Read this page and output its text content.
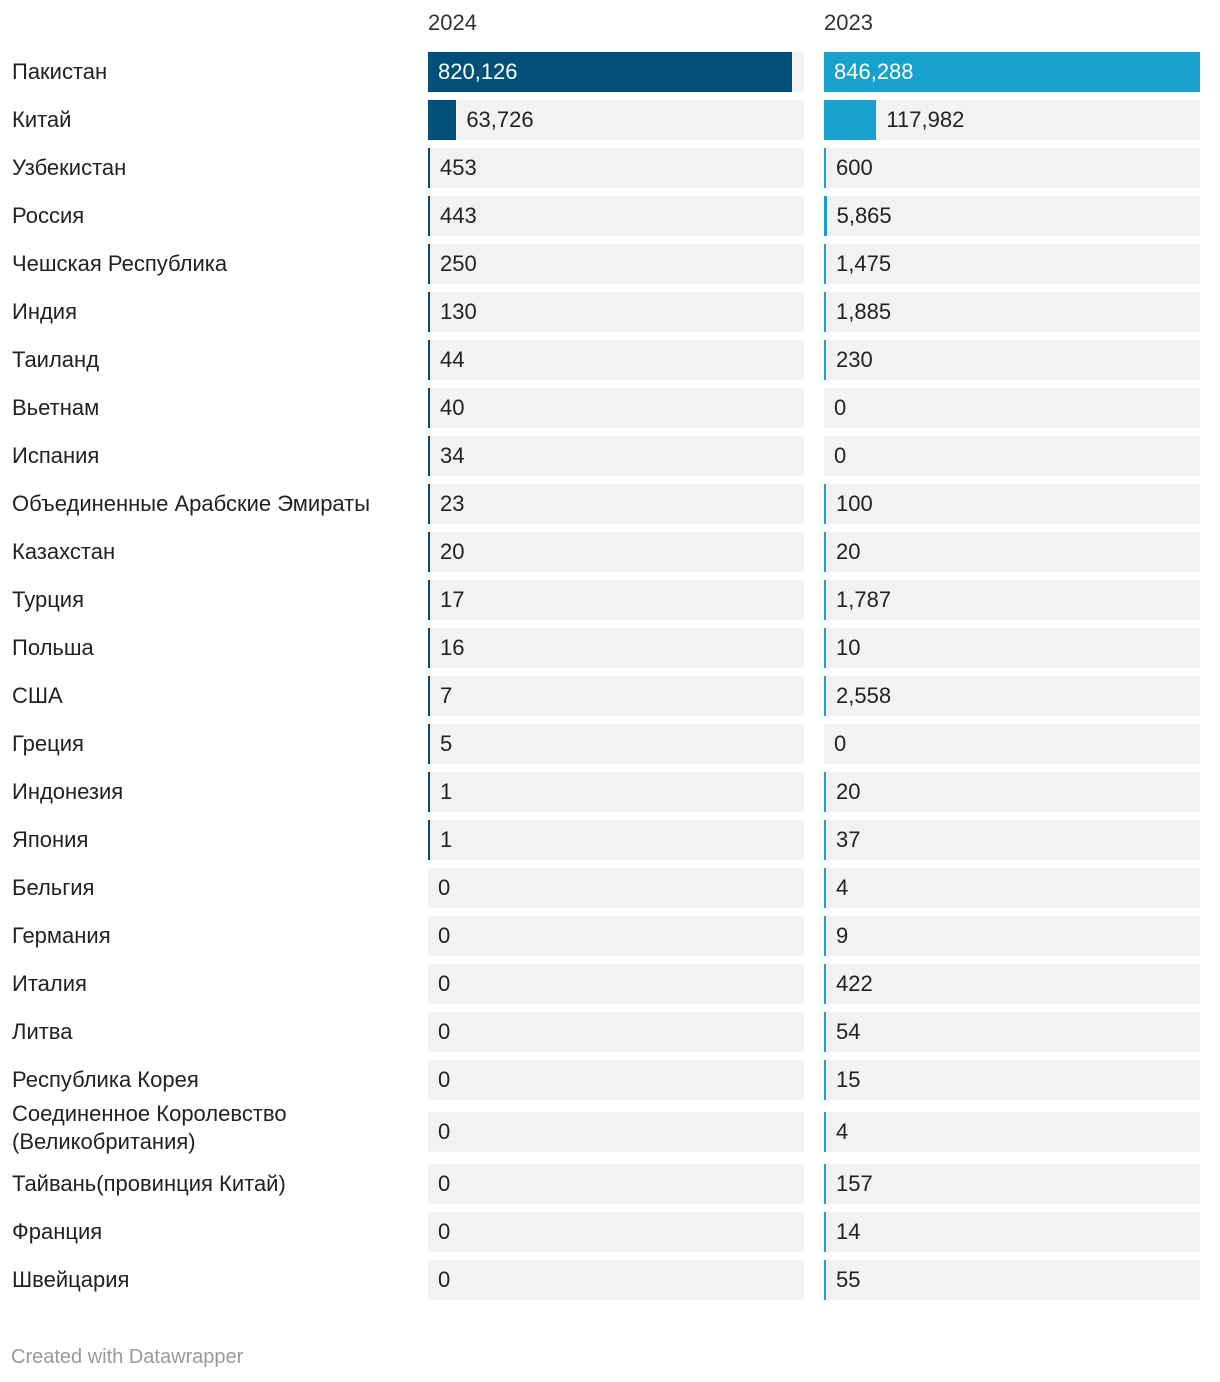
2024	2023
Пакистан	820,126	846,288
Китай	63,726	117,982
Узбекистан	453	600
Россия	443	5,865
Чешская Республика	250	1,475
Индия	130	1,885
Таиланд	44	230
Вьетнам	40	0
Испания	34	0
Объединенные Арабские Эмираты	23	100
Казахстан	20	20
Турция	17	1,787
Польша	16	10
США	7	2,558
Греция	5	0
Индонезия	1	20
Япония	1	37
Бельгия	0	4
Германия	0	9
Италия	0	422
Литва	0	54
Республика Корея	0	15
Соединенное Королевство (Великобритания)	0	4
Тайвань(провинция Китай)	0	157
Франция	0	14
Швейцария	0	55
Created with Datawrapper
